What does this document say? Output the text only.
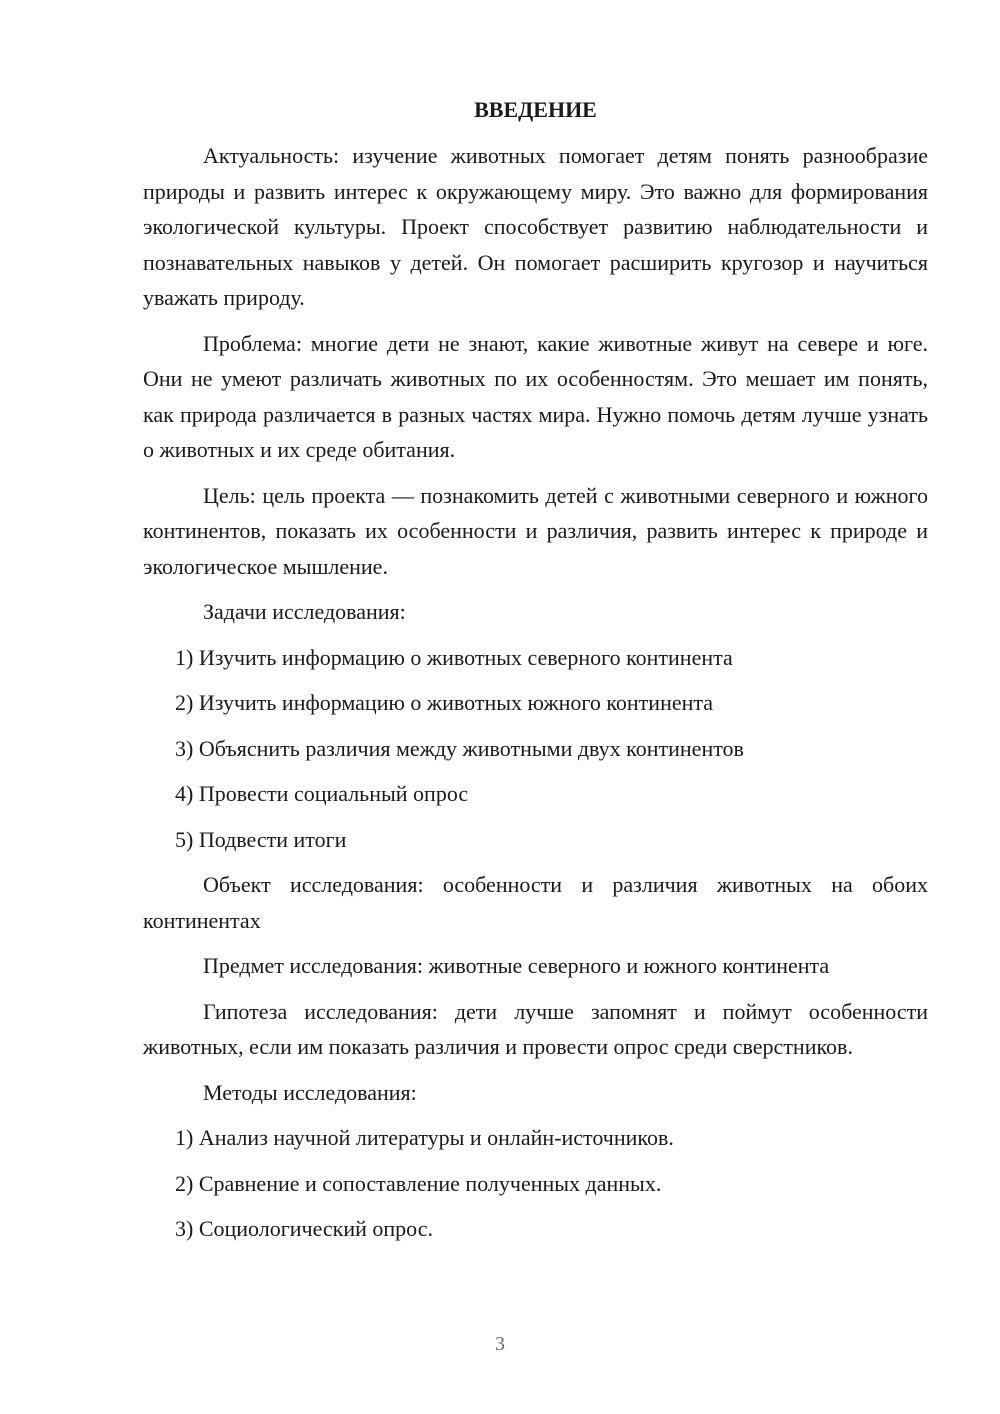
ВВЕДЕНИЕ

Актуальность: изучение животных помогает детям понять разнообразие природы и развить интерес к окружающему миру. Это важно для формирования экологической культуры. Проект способствует развитию наблюдательности и познавательных навыков у детей. Он помогает расширить кругозор и научиться уважать природу.

Проблема: многие дети не знают, какие животные живут на севере и юге. Они не умеют различать животных по их особенностям. Это мешает им понять, как природа различается в разных частях мира. Нужно помочь детям лучше узнать о животных и их среде обитания.

Цель: цель проекта — познакомить детей с животными северного и южного континентов, показать их особенности и различия, развить интерес к природе и экологическое мышление.

Задачи исследования:

1) Изучить информацию о животных северного континента

2) Изучить информацию о животных южного континента

3) Объяснить различия между животными двух континентов

4) Провести социальный опрос

5) Подвести итоги

Объект исследования: особенности и различия животных на обоих континентах

Предмет исследования: животные северного и южного континента

Гипотеза исследования: дети лучше запомнят и поймут особенности животных, если им показать различия и провести опрос среди сверстников.

Методы исследования:

1) Анализ научной литературы и онлайн-источников.

2) Сравнение и сопоставление полученных данных.

3) Социологический опрос.

3
